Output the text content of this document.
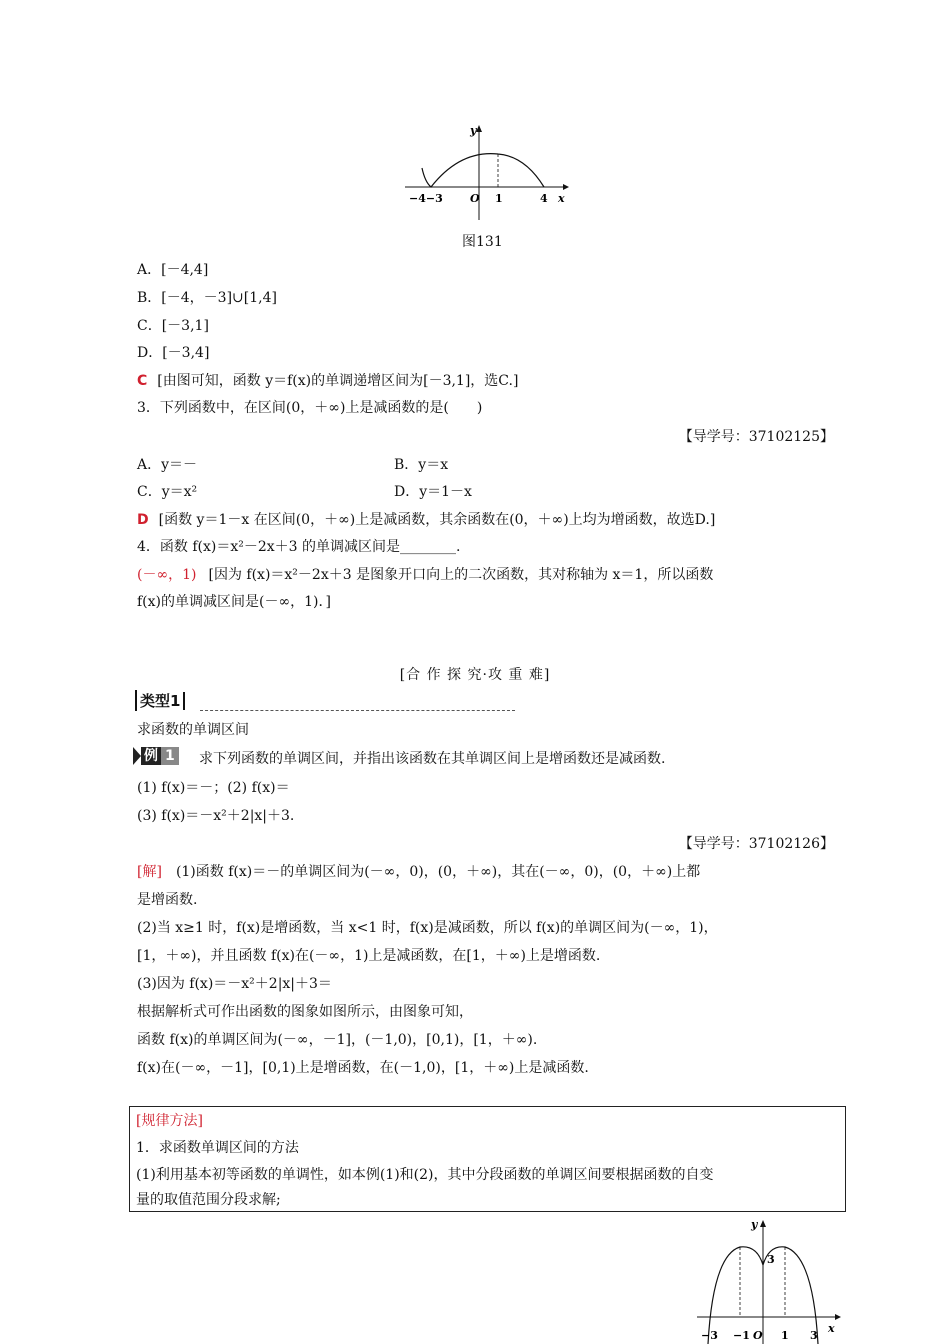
y
x
O
−4−3	1	4
图131
A．[－4,4]
B．[－4，－3]∪[1,4]
C．[－3,1]
D．[－3,4]
C [由图可知，函数 y＝f(x)的单调递增区间为[－3,1]，选C.]
3．下列函数中，在区间(0，＋∞)上是减函数的是(　　)
【导学号：37102125】
A．y＝－	B．y＝x
C．y＝x²	D．y＝1－x
D [函数 y＝1－x 在区间(0，＋∞)上是减函数，其余函数在(0，＋∞)上均为增函数，故选D.]
4．函数 f(x)＝x²－2x＋3 的单调减区间是________.
(－∞，1) [因为 f(x)＝x²－2x＋3 是图象开口向上的二次函数，其对称轴为 x＝1，所以函数
f(x)的单调减区间是(－∞，1)．]
[合 作 探 究·攻 重 难]
类型1
求函数的单调区间
例 1 求下列函数的单调区间，并指出该函数在其单调区间上是增函数还是减函数.
(1) f(x)＝－；(2) f(x)＝
(3) f(x)＝－x²＋2|x|＋3.
【导学号：37102126】
[解] (1)函数 f(x)＝－的单调区间为(－∞，0)，(0，＋∞)，其在(－∞，0)，(0，＋∞)上都
是增函数.
(2)当 x≥1 时，f(x)是增函数，当 x<1 时，f(x)是减函数，所以 f(x)的单调区间为(－∞，1)，
[1，＋∞)，并且函数 f(x)在(－∞，1)上是减函数，在[1，＋∞)上是增函数.
(3)因为 f(x)＝－x²＋2|x|＋3＝
根据解析式可作出函数的图象如图所示，由图象可知，
函数 f(x)的单调区间为(－∞，－1]，(－1,0)，[0,1)，[1，＋∞).
f(x)在(－∞，－1]，[0,1)上是增函数，在(－1,0)，[1，＋∞)上是减函数.
[规律方法]
1．求函数单调区间的方法
(1)利用基本初等函数的单调性，如本例(1)和(2)，其中分段函数的单调区间要根据函数的自变
量的取值范围分段求解;
y
x
3
−3 −1 O 1 3
